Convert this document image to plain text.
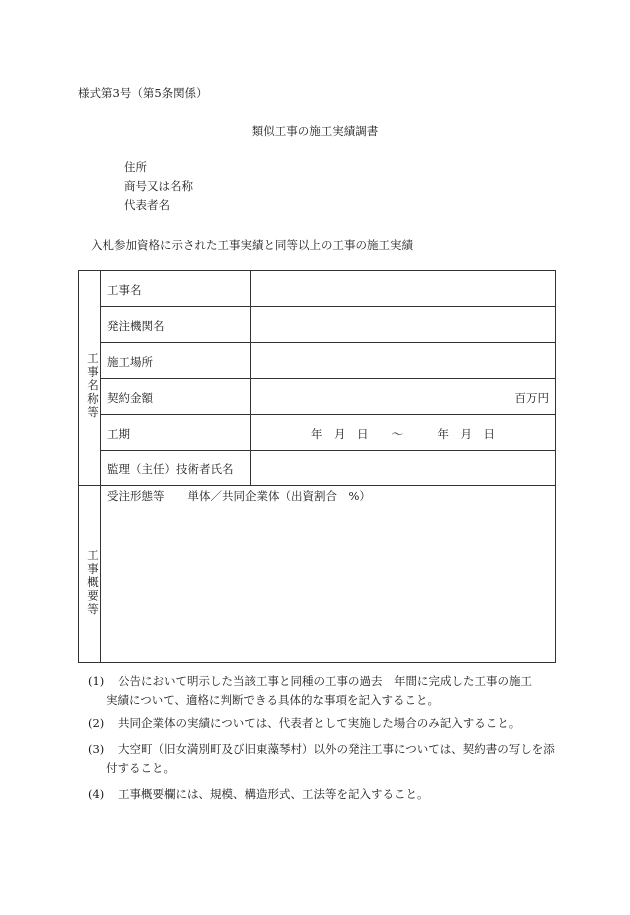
様式第3号（第5条関係）
類似工事の施工実績調書
住所
商号又は名称
代表者名
入札参加資格に示された工事実績と同等以上の工事の施工実績
工事名称等
工事概要等
工事名
発注機関名
施工場所
契約金額
工期
監理（主任）技術者氏名
百万円
年　月　日　　〜　　　年　月　日
受注形態等　　単体／共同企業体（出資割合　%）
(1) 公告において明示した当該工事と同種の工事の過去　年間に完成した工事の施工
実績について、適格に判断できる具体的な事項を記入すること。
(2) 共同企業体の実績については、代表者として実施した場合のみ記入すること。
(3) 大空町（旧女満別町及び旧東藻琴村）以外の発注工事については、契約書の写しを添
付すること。
(4) 工事概要欄には、規模、構造形式、工法等を記入すること。
